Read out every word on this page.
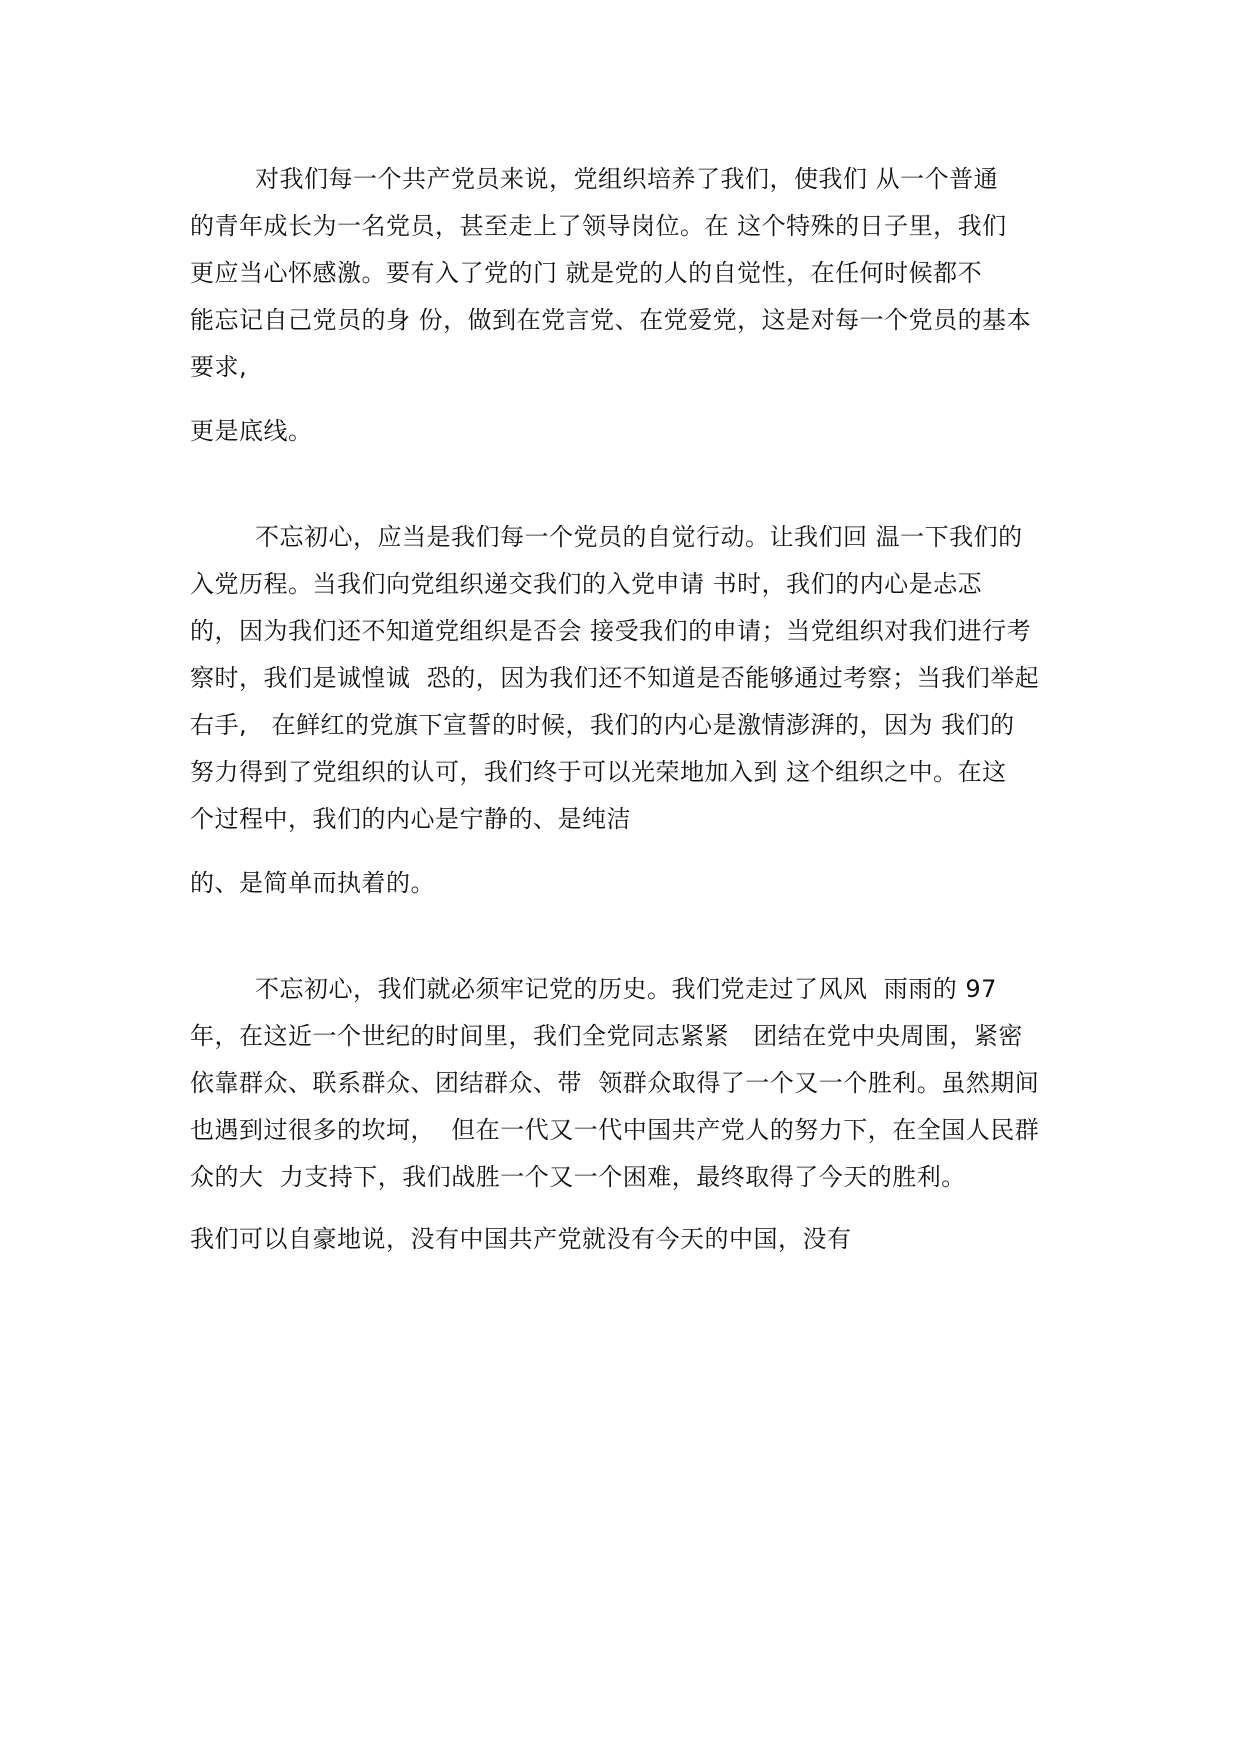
对我们每一个共产党员来说，党组织培养了我们，使我们 从一个普通
的青年成长为一名党员，甚至走上了领导岗位。在 这个特殊的日子里，我们
更应当心怀感激。要有入了党的门 就是党的人的自觉性，在任何时候都不
能忘记自己党员的身 份，做到在党言党、在党爱党，这是对每一个党员的基本
要求,
更是底线。
不忘初心，应当是我们每一个党员的自觉行动。让我们回 温一下我们的
入党历程。当我们向党组织递交我们的入党申请 书时，我们的内心是忐忑
的，因为我们还不知道党组织是否会 接受我们的申请；当党组织对我们进行考
察时，我们是诚惶诚  恐的，因为我们还不知道是否能够通过考察；当我们举起
右手,   在鲜红的党旗下宣誓的时候，我们的内心是激情澎湃的，因为 我们的
努力得到了党组织的认可，我们终于可以光荣地加入到 这个组织之中。在这
个过程中，我们的内心是宁静的、是纯洁
的、是简单而执着的。
不忘初心，我们就必须牢记党的历史。我们党走过了风风  雨雨的 97
年，在这近一个世纪的时间里，我们全党同志紧紧   团结在党中央周围，紧密
依靠群众、联系群众、团结群众、带  领群众取得了一个又一个胜利。虽然期间
也遇到过很多的坎坷，  但在一代又一代中国共产党人的努力下，在全国人民群
众的大  力支持下，我们战胜一个又一个困难，最终取得了今天的胜利。
我们可以自豪地说，没有中国共产党就没有今天的中国，没有
